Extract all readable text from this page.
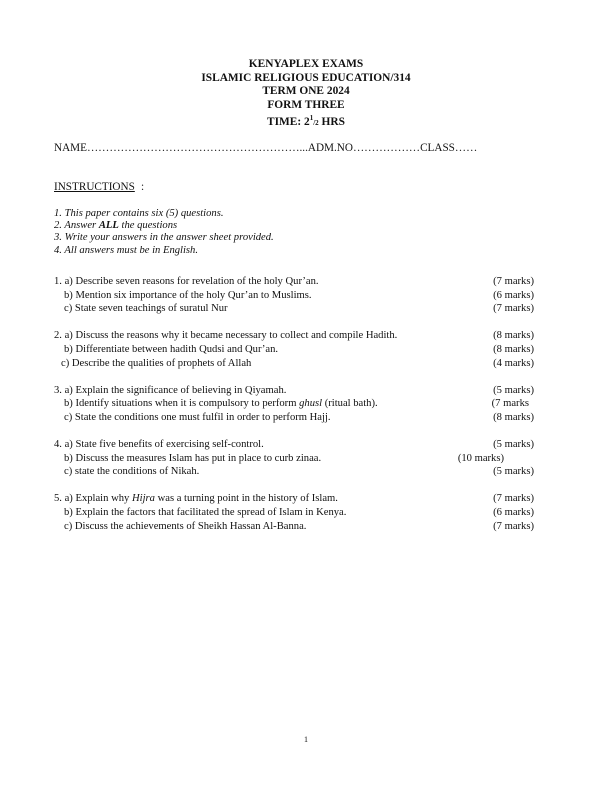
KENYAPLEX EXAMS
ISLAMIC RELIGIOUS EDUCATION/314
TERM ONE 2024
FORM THREE
TIME: $2^1/2$ HRS
NAME…………………………………………………...ADM.NO………………CLASS……
INSTRUCTIONS :
1. This paper contains six (5) questions.
2. Answer ALL the questions
3. Write your answers in the answer sheet provided.
4. All answers must be in English.
1. a) Describe seven reasons for revelation of the holy Qur’an.	(7 marks)
b) Mention six importance of the holy Qur’an to Muslims.	(6 marks)
c) State seven teachings of suratul Nur	(7 marks)
2. a) Discuss the reasons why it became necessary to collect and compile Hadith.	(8 marks)
b) Differentiate between hadith Qudsi and Qur’an.	(8 marks)
c) Describe the qualities of prophets of Allah	(4 marks)
3. a) Explain the significance of believing in Qiyamah.	(5 marks)
b) Identify situations when it is compulsory to perform ghusl (ritual bath).	(7 marks
c) State the conditions one must fulfil in order to perform Hajj.	(8 marks)
4. a) State five benefits of exercising self-control.	(5 marks)
b) Discuss the measures Islam has put in place to curb zinaa.	(10 marks)
c) state the conditions of Nikah.	(5 marks)
5. a) Explain why Hijra was a turning point in the history of Islam.	(7 marks)
b) Explain the factors that facilitated the spread of Islam in Kenya.	(6 marks)
c) Discuss the achievements of Sheikh Hassan Al-Banna.	(7 marks)
1
